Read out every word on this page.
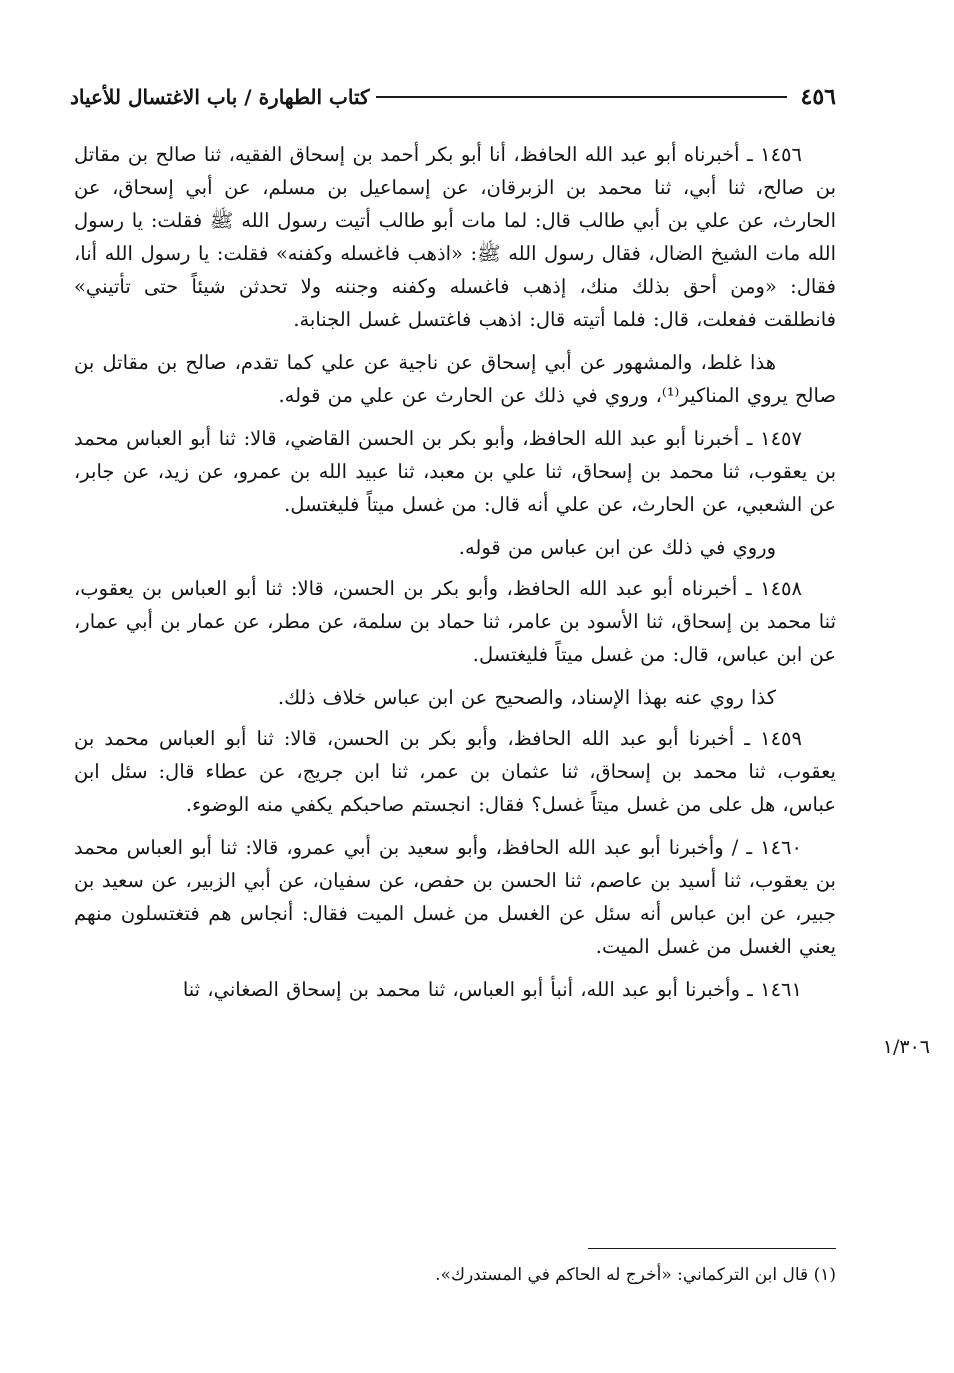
٤٥٦
كتاب الطهارة / باب الاغتسال للأعياد

١٤٥٦ ـ أخبرناه أبو عبد الله الحافظ، أنا أبو بكر أحمد بن إسحاق الفقيه، ثنا صالح بن مقاتل بن صالح، ثنا أبي، ثنا محمد بن الزبرقان، عن إسماعيل بن مسلم، عن أبي إسحاق، عن الحارث، عن علي بن أبي طالب قال: لما مات أبو طالب أتيت رسول الله ﷺ فقلت: يا رسول الله مات الشيخ الضال، فقال رسول الله ﷺ: «اذهب فاغسله وكفنه» فقلت: يا رسول الله أنا، فقال: «ومن أحق بذلك منك، إذهب فاغسله وكفنه وجننه ولا تحدثن شيئاً حتى تأتيني» فانطلقت ففعلت، قال: فلما أتيته قال: اذهب فاغتسل غسل الجنابة.

هذا غلط، والمشهور عن أبي إسحاق عن ناجية عن علي كما تقدم، صالح بن مقاتل بن صالح يروي المناكير⁽¹⁾، وروي في ذلك عن الحارث عن علي من قوله.

١٤٥٧ ـ أخبرنا أبو عبد الله الحافظ، وأبو بكر بن الحسن القاضي، قالا: ثنا أبو العباس محمد بن يعقوب، ثنا محمد بن إسحاق، ثنا علي بن معبد، ثنا عبيد الله بن عمرو، عن زيد، عن جابر، عن الشعبي، عن الحارث، عن علي أنه قال: من غسل ميتاً فليغتسل.

وروي في ذلك عن ابن عباس من قوله.

١٤٥٨ ـ أخبرناه أبو عبد الله الحافظ، وأبو بكر بن الحسن، قالا: ثنا أبو العباس بن يعقوب، ثنا محمد بن إسحاق، ثنا الأسود بن عامر، ثنا حماد بن سلمة، عن مطر، عن عمار بن أبي عمار، عن ابن عباس، قال: من غسل ميتاً فليغتسل.

كذا روي عنه بهذا الإسناد، والصحيح عن ابن عباس خلاف ذلك.

١٤٥٩ ـ أخبرنا أبو عبد الله الحافظ، وأبو بكر بن الحسن، قالا: ثنا أبو العباس محمد بن يعقوب، ثنا محمد بن إسحاق، ثنا عثمان بن عمر، ثنا ابن جريج، عن عطاء قال: سئل ابن عباس، هل على من غسل ميتاً غسل؟ فقال: انجستم صاحبكم يكفي منه الوضوء.

١٤٦٠ ـ / وأخبرنا أبو عبد الله الحافظ، وأبو سعيد بن أبي عمرو، قالا: ثنا أبو العباس محمد بن يعقوب، ثنا أسيد بن عاصم، ثنا الحسن بن حفص، عن سفيان، عن أبي الزبير، عن سعيد بن جبير، عن ابن عباس أنه سئل عن الغسل من غسل الميت فقال: أنجاس هم فتغتسلون منهم يعني الغسل من غسل الميت.

١٤٦١ ـ وأخبرنا أبو عبد الله، أنبأ أبو العباس، ثنا محمد بن إسحاق الصغاني، ثنا

١/٣٠٦
(١) قال ابن التركماني: «أخرج له الحاكم في المستدرك».
